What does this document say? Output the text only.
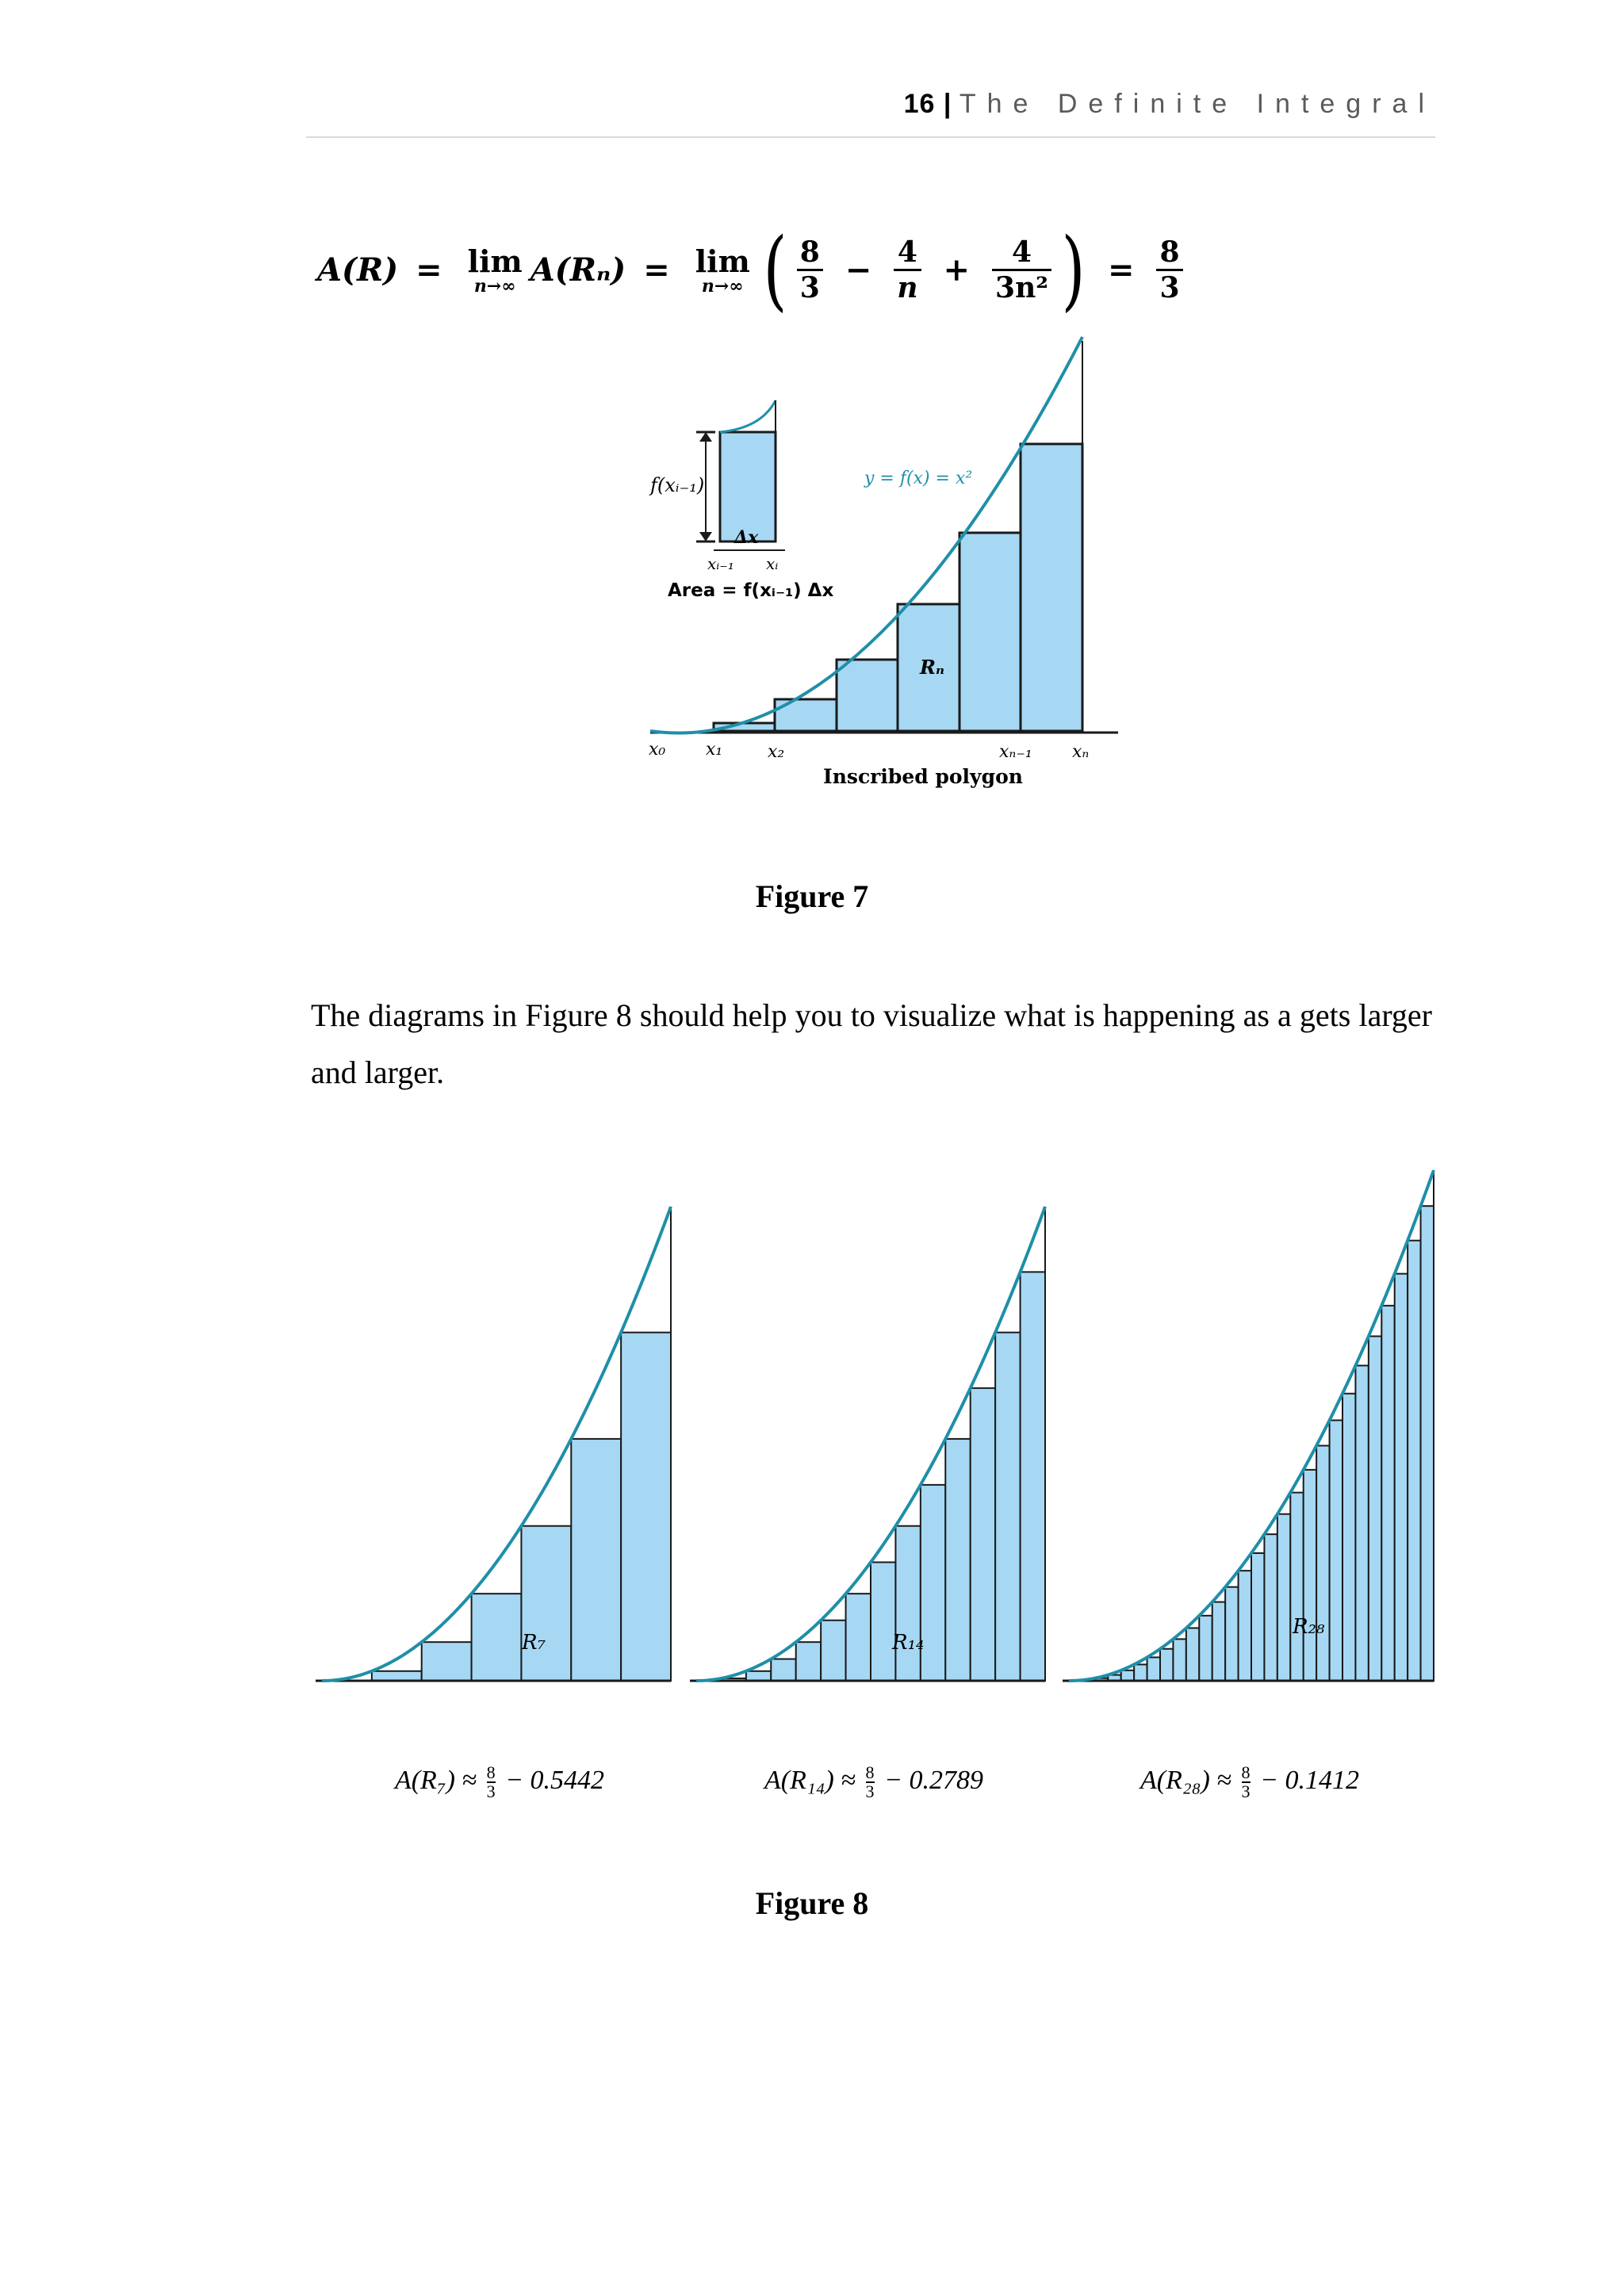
16 | The Definite Integral
A(R) = lim
n→∞ A(Rₙ) = lim
n→∞ ( $\frac{8}{3} - \frac{4}{n} + \frac{4}{\text{3n²}}$ ) = $\frac{8}{3}$
f(xᵢ₋₁)
Δx
xᵢ₋₁ xᵢ
Area = f(xᵢ₋₁) Δx
y = f(x) = x²
Rₙ
x₀ x₁	x₂	xₙ₋₁ xₙ
Inscribed polygon
Figure 7
The diagrams in Figure 8 should help you to visualize what is happening as a gets larger and larger.
R₇	R₁₄
R₂₈
$A(R_7) \approx \frac{8}{3} - 0.5442$	$A(R_{14}) \approx \frac{8}{3} - 0.2789$	$A(R_{28}) \approx \frac{8}{3} - 0.1412$
Figure 8
